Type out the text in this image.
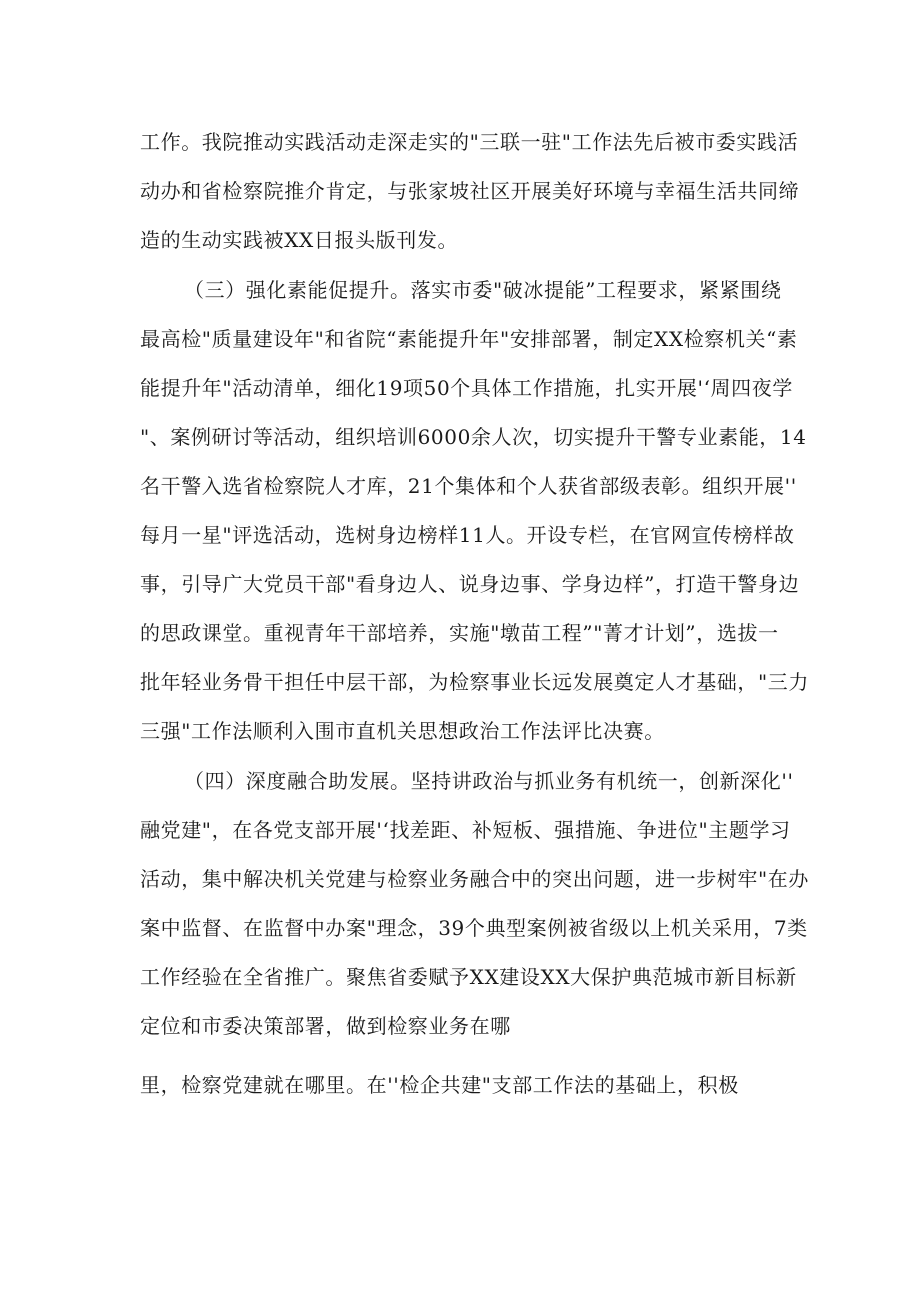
工作。我院推动实践活动走深走实的"三联一驻"工作法先后被市委实践活
动办和省检察院推介肯定，与张家坡社区开展美好环境与幸福生活共同缔
造的生动实践被XX日报头版刊发。
（三）强化素能促提升。落实市委"破冰提能”工程要求，紧紧围绕
最高检"质量建设年"和省院“素能提升年"安排部署，制定XX检察机关“素
能提升年"活动清单，细化19项50个具体工作措施，扎实开展'‘周四夜学
"、案例研讨等活动，组织培训6000余人次，切实提升干警专业素能，14
名干警入选省检察院人才库，21个集体和个人获省部级表彰。组织开展''
每月一星"评选活动，选树身边榜样11人。开设专栏，在官网宣传榜样故
事，引导广大党员干部"看身边人、说身边事、学身边样”，打造干警身边
的思政课堂。重视青年干部培养，实施"墩苗工程”"菁才计划”，选拔一
批年轻业务骨干担任中层干部，为检察事业长远发展奠定人才基础，"三力
三强"工作法顺利入围市直机关思想政治工作法评比决赛。
（四）深度融合助发展。坚持讲政治与抓业务有机统一，创新深化''
融党建"，在各党支部开展'‘找差距、补短板、强措施、争进位"主题学习
活动，集中解决机关党建与检察业务融合中的突出问题，进一步树牢"在办
案中监督、在监督中办案"理念，39个典型案例被省级以上机关采用，7类
工作经验在全省推广。聚焦省委赋予XX建设XX大保护典范城市新目标新
定位和市委决策部署，做到检察业务在哪
里，检察党建就在哪里。在''检企共建"支部工作法的基础上，积极
